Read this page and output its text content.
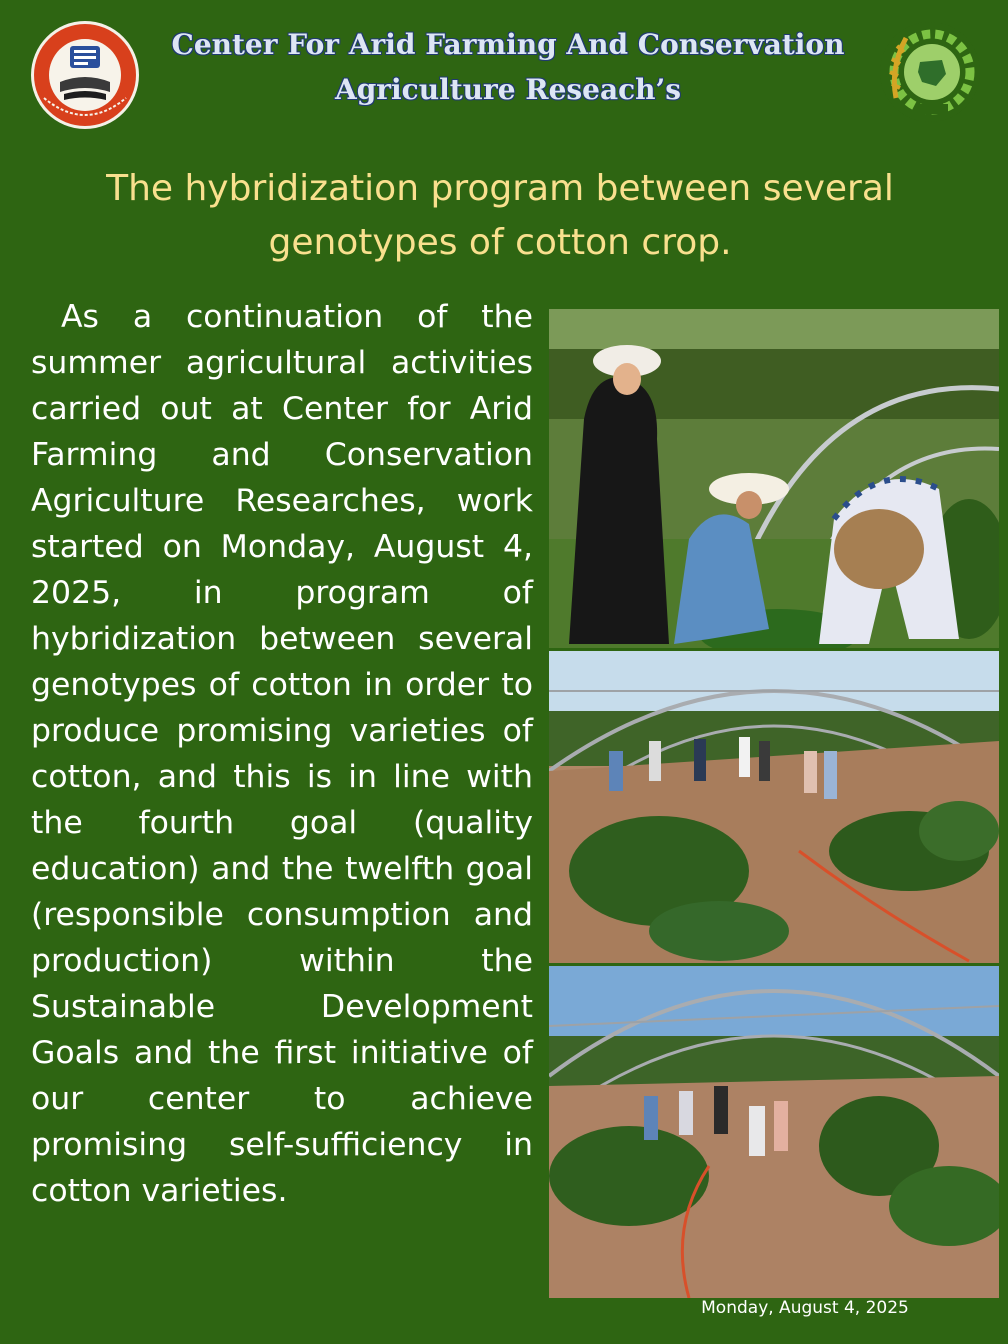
Center For Arid Farming And Conservation
Agriculture Reseach’s
The hybridization program between several
genotypes of cotton crop.
As a continuation of the summer agricultural activities carried out at Center for Arid Farming and Conservation Agriculture Researches, work started on Monday, August 4, 2025, in program of hybridization between several genotypes of cotton in order to produce promising varieties of cotton, and this is in line with the fourth goal (quality education) and the twelfth goal (responsible consumption and production) within the Sustainable Development Goals and the first initiative of our center to achieve promising self-sufficiency in cotton varieties.
Monday, August 4, 2025
